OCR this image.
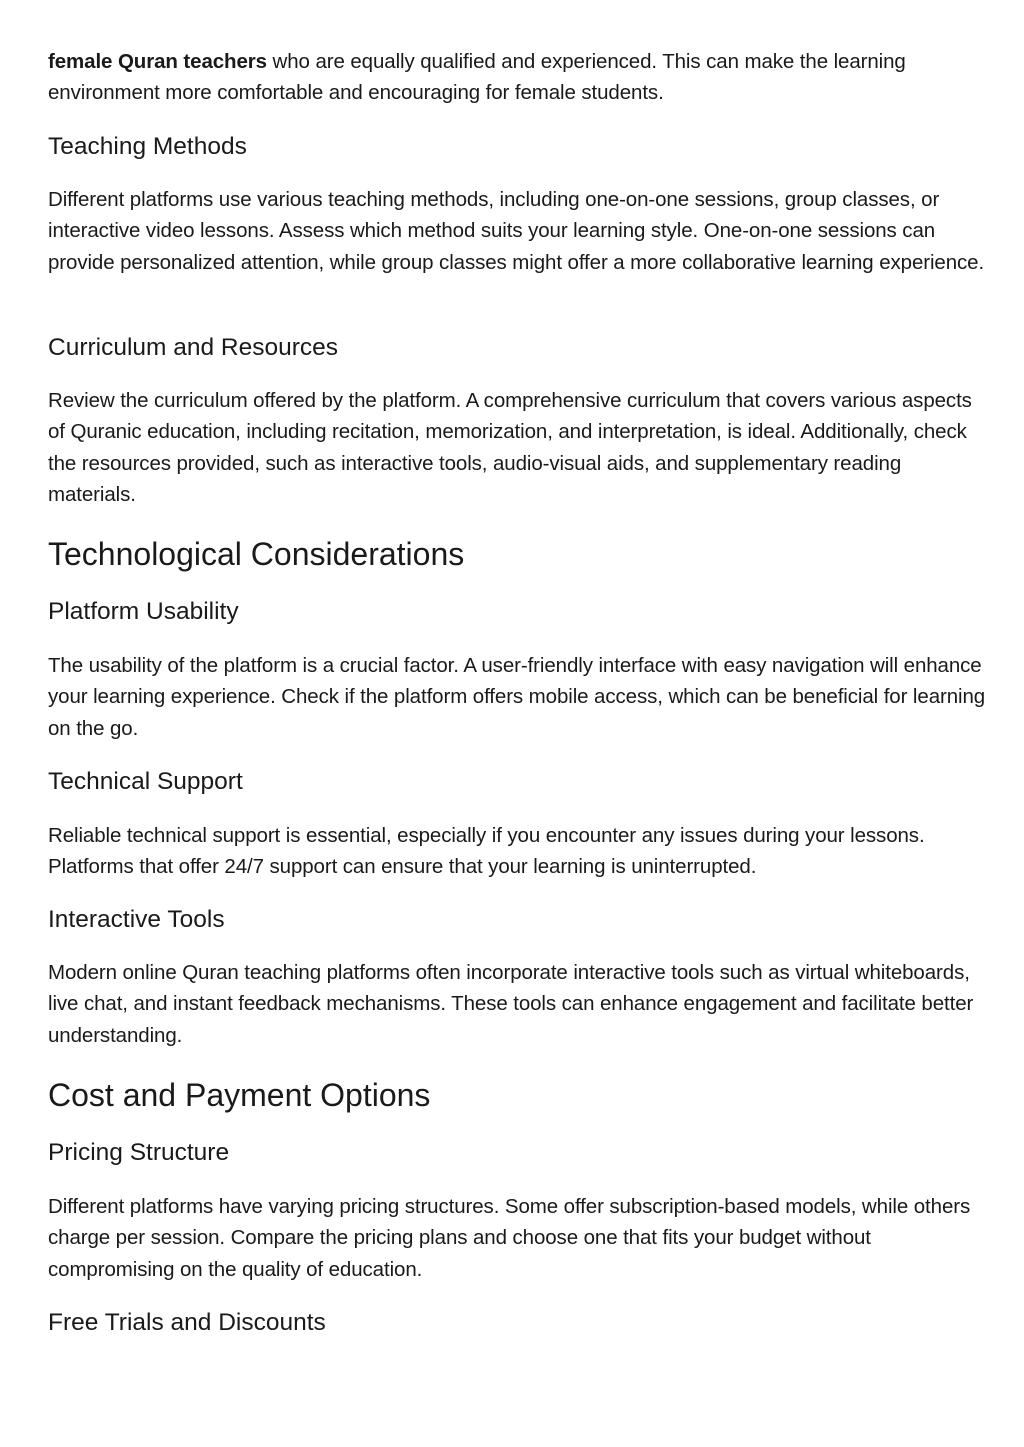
female Quran teachers who are equally qualified and experienced. This can make the learning environment more comfortable and encouraging for female students.

Teaching Methods

Different platforms use various teaching methods, including one-on-one sessions, group classes, or interactive video lessons. Assess which method suits your learning style. One-on-one sessions can provide personalized attention, while group classes might offer a more collaborative learning experience.

Curriculum and Resources

Review the curriculum offered by the platform. A comprehensive curriculum that covers various aspects of Quranic education, including recitation, memorization, and interpretation, is ideal. Additionally, check the resources provided, such as interactive tools, audio-visual aids, and supplementary reading materials.

Technological Considerations
Platform Usability

The usability of the platform is a crucial factor. A user-friendly interface with easy navigation will enhance your learning experience. Check if the platform offers mobile access, which can be beneficial for learning on the go.

Technical Support

Reliable technical support is essential, especially if you encounter any issues during your lessons. Platforms that offer 24/7 support can ensure that your learning is uninterrupted.

Interactive Tools

Modern online Quran teaching platforms often incorporate interactive tools such as virtual whiteboards, live chat, and instant feedback mechanisms. These tools can enhance engagement and facilitate better understanding.

Cost and Payment Options
Pricing Structure

Different platforms have varying pricing structures. Some offer subscription-based models, while others charge per session. Compare the pricing plans and choose one that fits your budget without compromising on the quality of education.

Free Trials and Discounts
